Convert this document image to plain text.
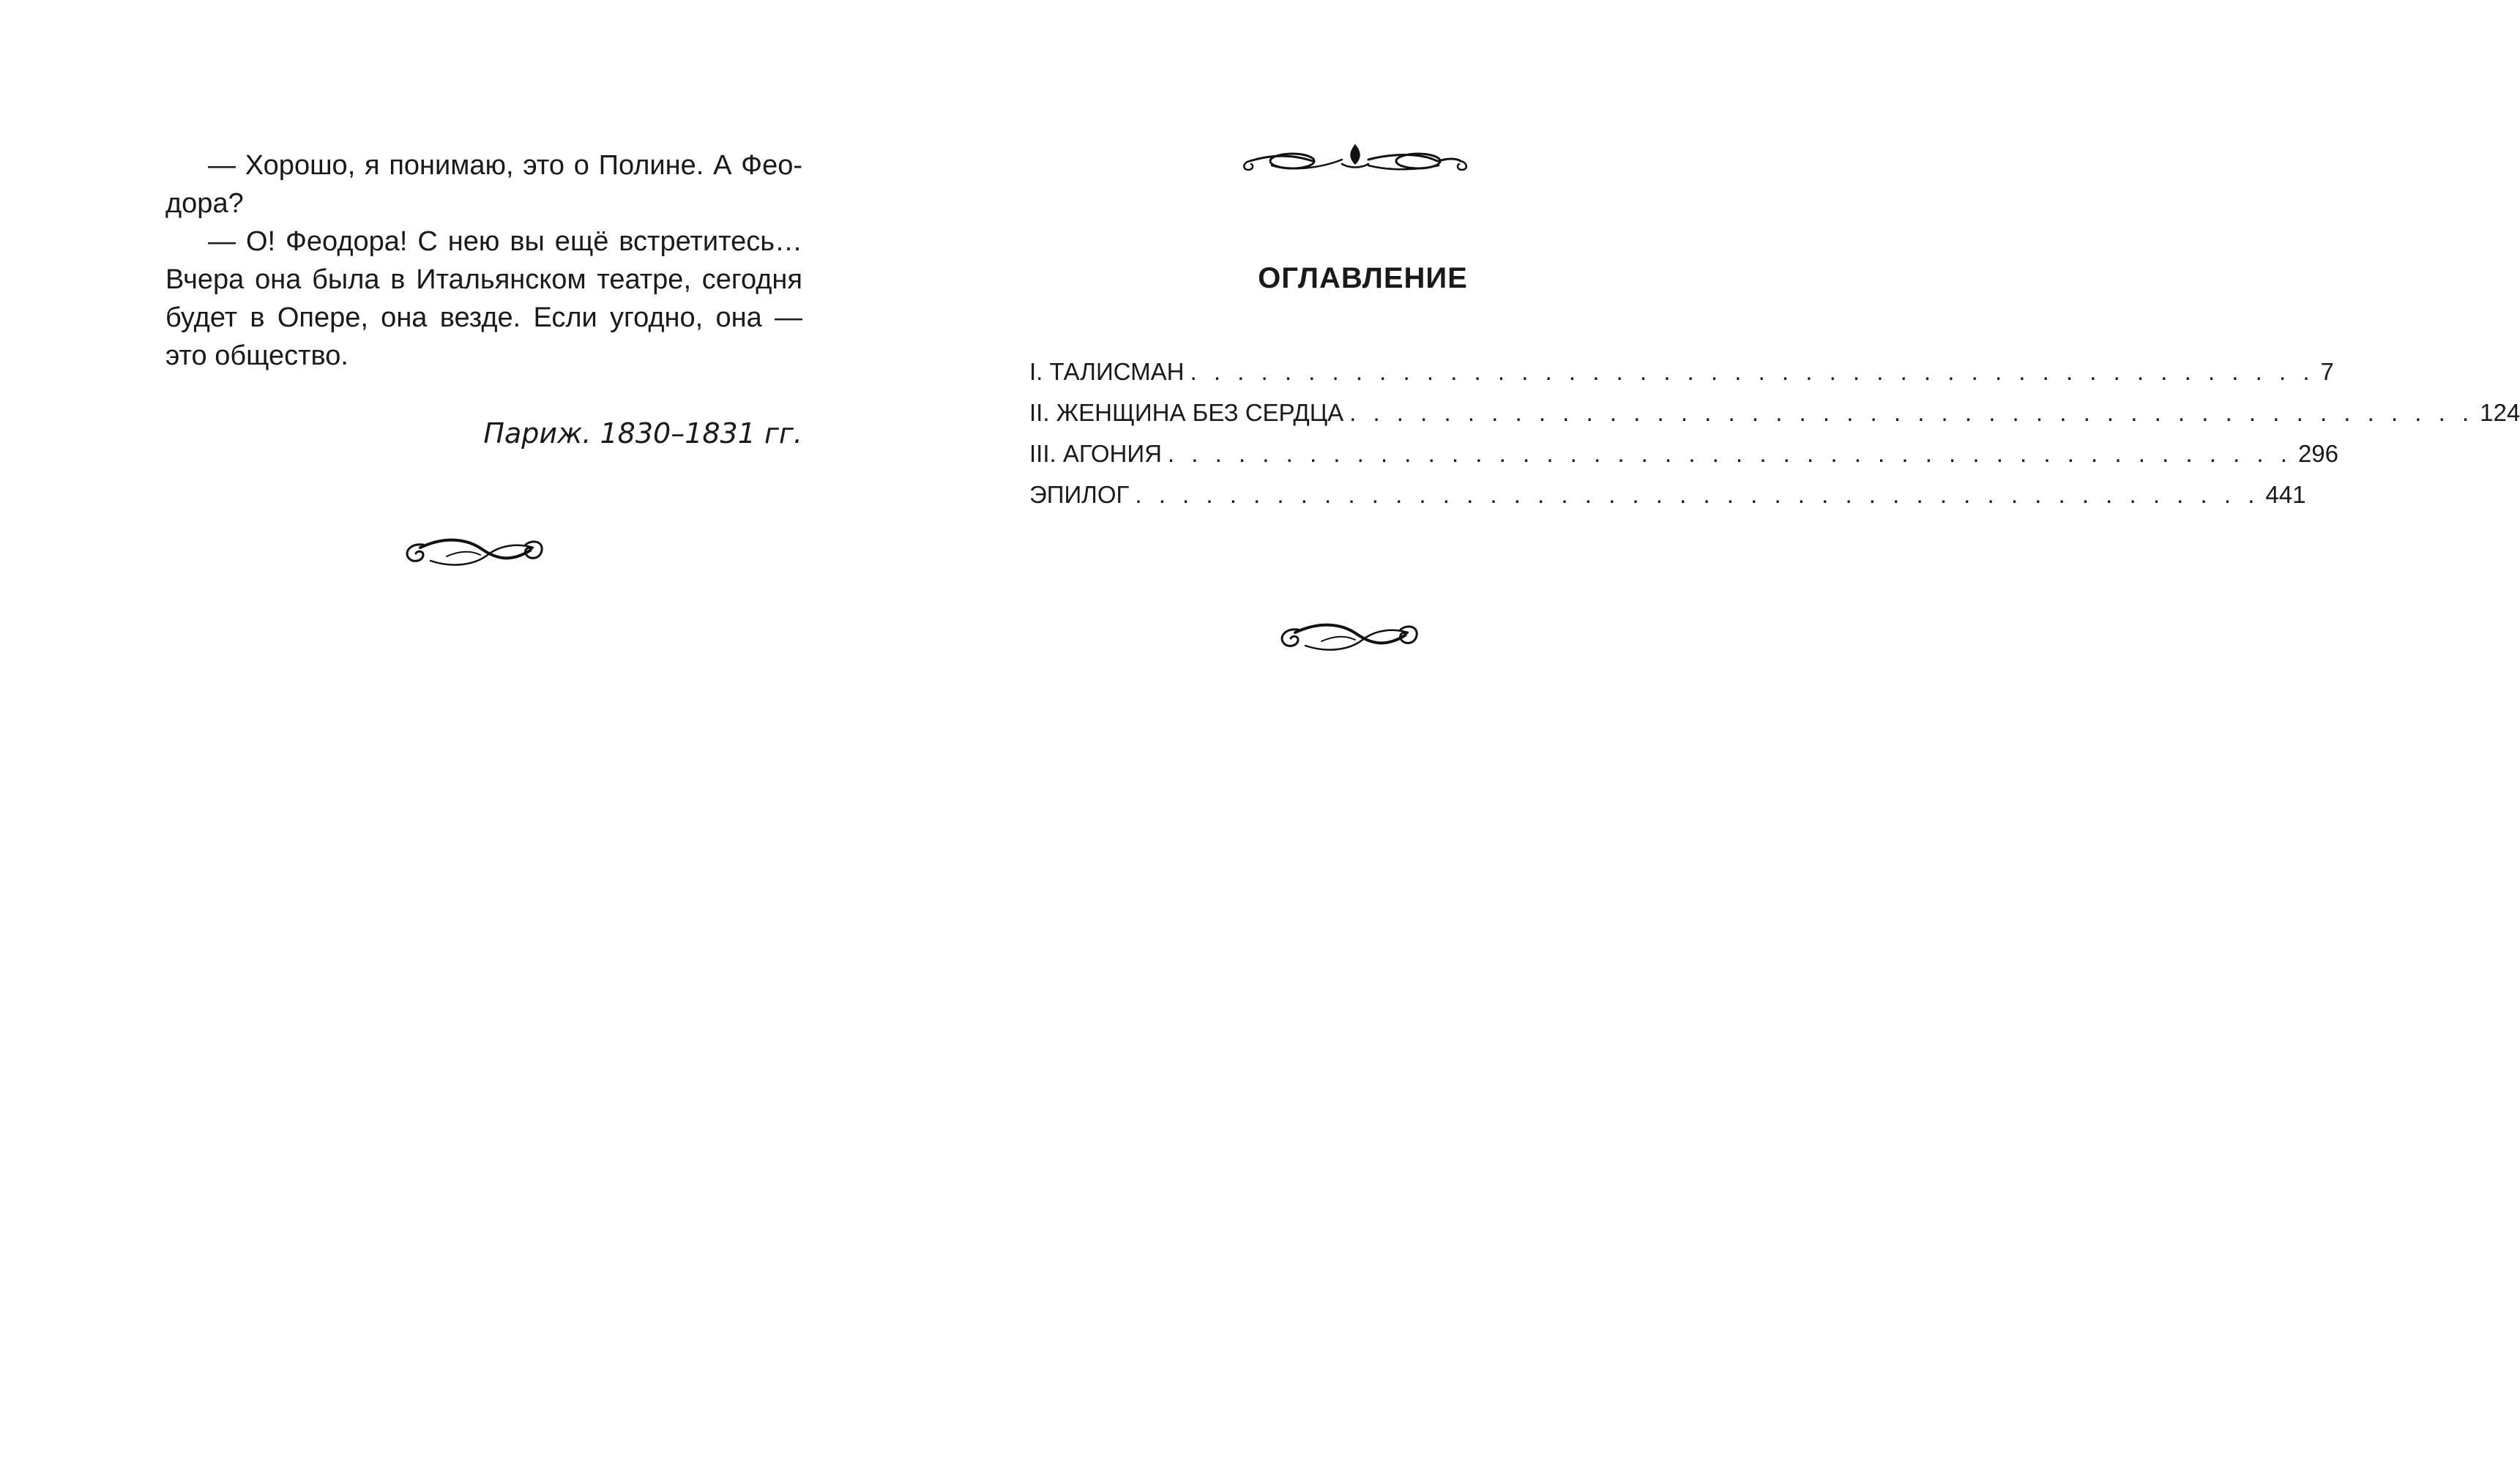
— Хорошо, я понимаю, это о Полине. А Фео-
дора?
— О! Феодора! С нею вы ещё встретитесь…
Вчера она была в Итальянском театре, сегодня
будет в Опере, она везде. Если угодно, она —
это общество.
Париж. 1830–1831 гг.
ОГЛАВЛЕНИЕ
I. ТАЛИСМАН . . . . . . . . . . . . . . . . . . . . . . . . . . . . . . . . . . . . . . . . . . . . . . . . 7
II. ЖЕНЩИНА БЕЗ СЕРДЦА . . . . . . . . . . . . . . . . . . . . . . . . . . . . . . . . . . . . . . . . . . . . . . . . 124
III. АГОНИЯ . . . . . . . . . . . . . . . . . . . . . . . . . . . . . . . . . . . . . . . . . . . . . . . . 296
ЭПИЛОГ . . . . . . . . . . . . . . . . . . . . . . . . . . . . . . . . . . . . . . . . . . . . . . . . 441
